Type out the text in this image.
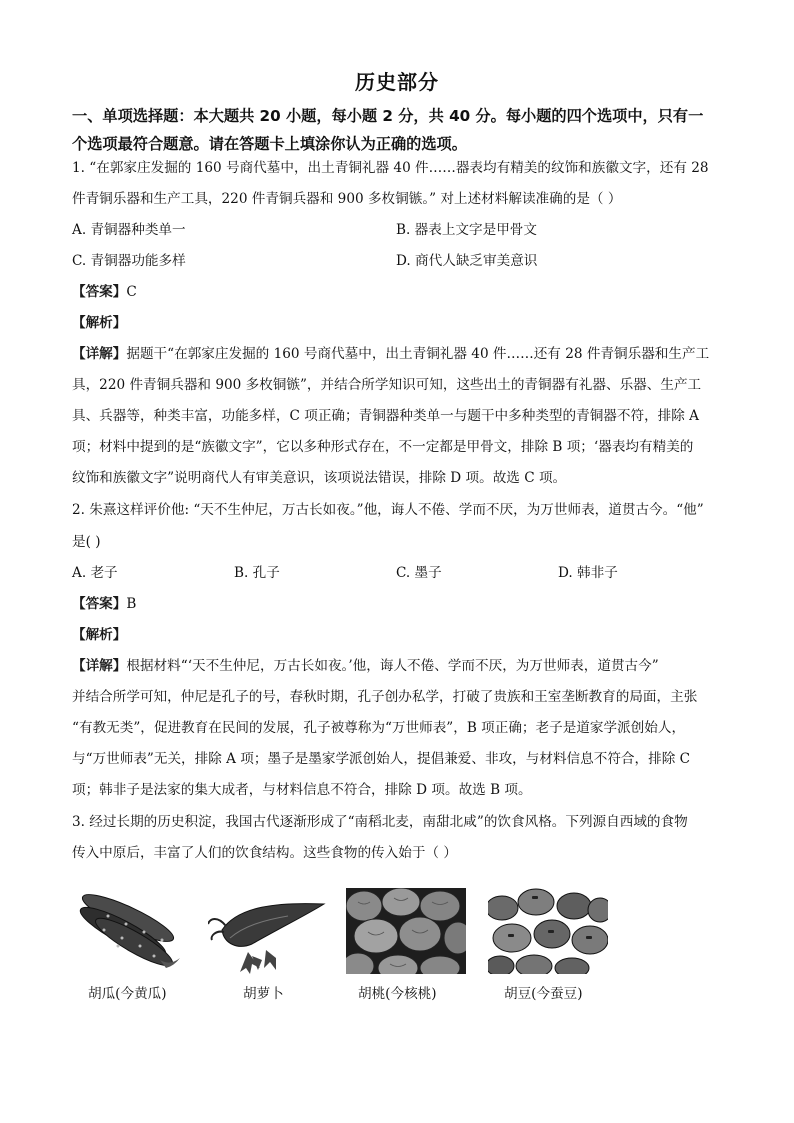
历史部分
一、单项选择题：本大题共 20 小题，每小题 2 分，共 40 分。每小题的四个选项中，只有一
个选项最符合题意。请在答题卡上填涂你认为正确的选项。
1. “在郭家庄发掘的 160 号商代墓中，出土青铜礼器 40 件……器表均有精美的纹饰和族徽文字，还有 28
件青铜乐器和生产工具，220 件青铜兵器和 900 多枚铜镞。” 对上述材料解读准确的是（ ）
A. 青铜器种类单一	B. 器表上文字是甲骨文
C. 青铜器功能多样	D. 商代人缺乏审美意识
【答案】C
【解析】
【详解】据题干“在郭家庄发掘的 160 号商代墓中，出土青铜礼器 40 件……还有 28 件青铜乐器和生产工
具，220 件青铜兵器和 900 多枚铜镞”，并结合所学知识可知，这些出土的青铜器有礼器、乐器、生产工
具、兵器等，种类丰富，功能多样，C 项正确；青铜器种类单一与题干中多种类型的青铜器不符，排除 A
项；材料中提到的是“族徽文字”，它以多种形式存在，不一定都是甲骨文，排除 B 项；‘器表均有精美的
纹饰和族徽文字”说明商代人有审美意识，该项说法错误，排除 D 项。故选 C 项。
2. 朱熹这样评价他: “天不生仲尼，万古长如夜。”他，诲人不倦、学而不厌，为万世师表，道贯古今。“他”
是( )
A. 老子	B. 孔子	C. 墨子	D. 韩非子
【答案】B
【解析】
【详解】根据材料“‘天不生仲尼，万古长如夜。’他，诲人不倦、学而不厌，为万世师表，道贯古今”
并结合所学可知，仲尼是孔子的号，春秋时期，孔子创办私学，打破了贵族和王室垄断教育的局面，主张
“有教无类”，促进教育在民间的发展，孔子被尊称为“万世师表”，B 项正确；老子是道家学派创始人，
与“万世师表”无关，排除 A 项；墨子是墨家学派创始人，提倡兼爱、非攻，与材料信息不符合，排除 C
项；韩非子是法家的集大成者，与材料信息不符合，排除 D 项。故选 B 项。
3. 经过长期的历史积淀，我国古代逐渐形成了“南稻北麦，南甜北咸”的饮食风格。下列源自西域的食物
传入中原后，丰富了人们的饮食结构。这些食物的传入始于（ ）
胡瓜(今黄瓜)	胡萝卜	胡桃(今核桃)	胡豆(今蚕豆)
